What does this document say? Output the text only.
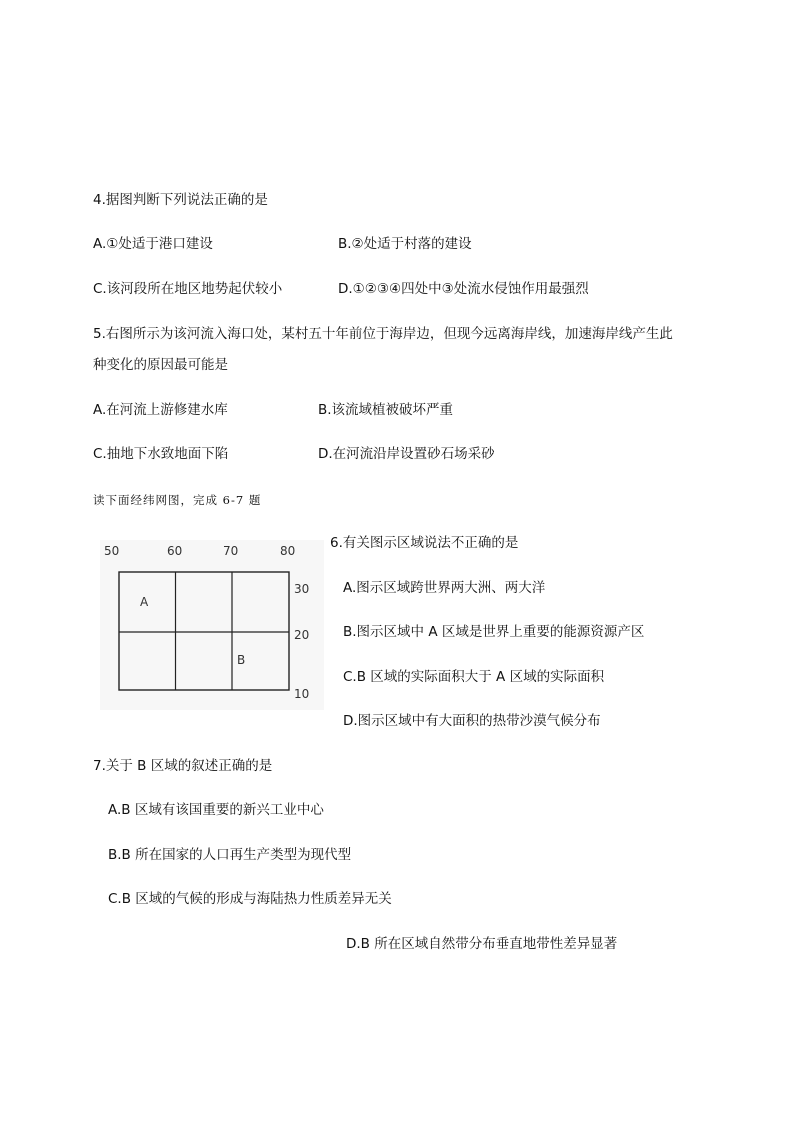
4.据图判断下列说法正确的是
A.①处适于港口建设	B.②处适于村落的建设
C.该河段所在地区地势起伏较小	D.①②③④四处中③处流水侵蚀作用最强烈
5.右图所示为该河流入海口处，某村五十年前位于海岸边，但现今远离海岸线，加速海岸线产生此
种变化的原因最可能是
A.在河流上游修建水库	B.该流域植被破坏严重
C.抽地下水致地面下陷	D.在河流沿岸设置砂石场采砂
读下面经纬网图，完成 6-7 题
50	60	70	80
30
20
10
A
B
6.有关图示区域说法不正确的是
A.图示区域跨世界两大洲、两大洋
B.图示区域中 A 区域是世界上重要的能源资源产区
C.B 区域的实际面积大于 A 区域的实际面积
D.图示区域中有大面积的热带沙漠气候分布
7.关于 B 区域的叙述正确的是
A.B 区域有该国重要的新兴工业中心
B.B 所在国家的人口再生产类型为现代型
C.B 区域的气候的形成与海陆热力性质差异无关
D.B 所在区域自然带分布垂直地带性差异显著
